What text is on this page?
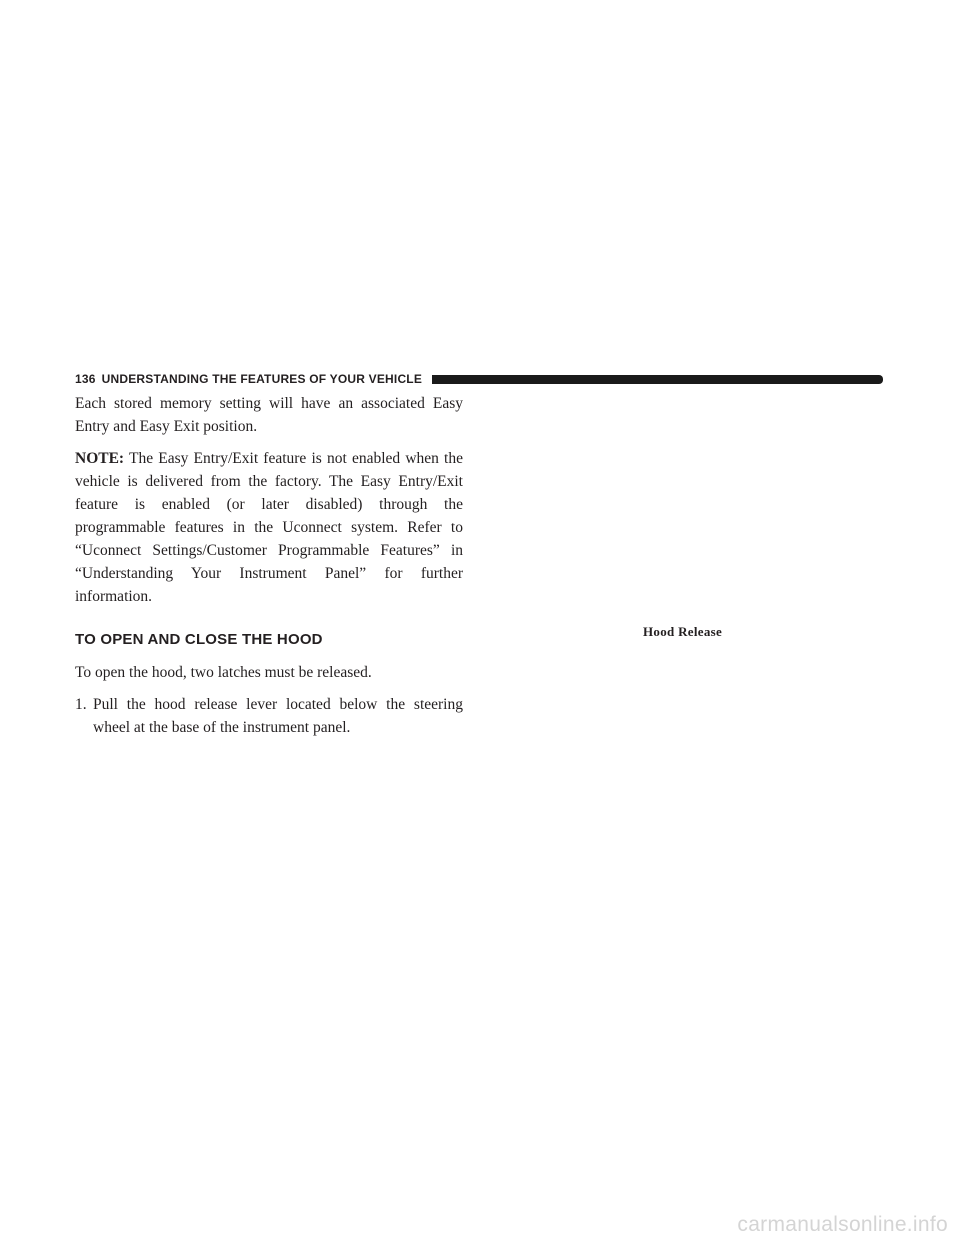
136 UNDERSTANDING THE FEATURES OF YOUR VEHICLE

Each stored memory setting will have an associated Easy Entry and Easy Exit position.

NOTE: The Easy Entry/Exit feature is not enabled when the vehicle is delivered from the factory. The Easy Entry/Exit feature is enabled (or later disabled) through the programmable features in the Uconnect system. Refer to “Uconnect Settings/Customer Programmable Features” in “Understanding Your Instrument Panel” for further information.

TO OPEN AND CLOSE THE HOOD

To open the hood, two latches must be released.

1. Pull the hood release lever located below the steering wheel at the base of the instrument panel.
Hood Release
carmanualsonline.info
